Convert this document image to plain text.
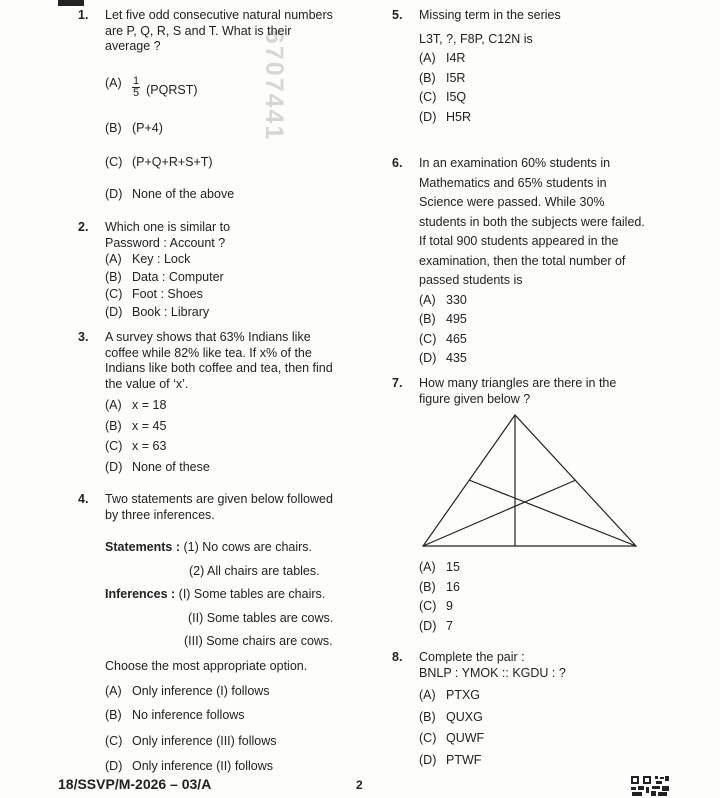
6707441
1. Let five odd consecutive natural numbers
are P, Q, R, S and T. What is their
average ?
$(A) \frac{1}{5}$ (PQRST)
(B) (P+4)
(C) (P+Q+R+S+T)
(D) None of the above
2. Which one is similar to
Password : Account ?
(A) Key : Lock
(B) Data : Computer
(C) Foot : Shoes
(D) Book : Library
3. A survey shows that 63% Indians like
coffee while 82% like tea. If x% of the
Indians like both coffee and tea, then find
the value of ‘x’.
(A) x = 18
(B) x = 45
(C) x = 63
(D) None of these
4. Two statements are given below followed
by three inferences.
Statements : (1) No cows are chairs.
(2) All chairs are tables.
Inferences : (I) Some tables are chairs.
(II) Some tables are cows.
(III) Some chairs are cows.
Choose the most appropriate option.
(A) Only inference (I) follows
(B) No inference follows
(C) Only inference (III) follows
(D) Only inference (II) follows
5. Missing term in the series
L3T, ?, F8P, C12N is
(A) I4R
(B) I5R
(C) I5Q
(D) H5R
6. In an examination 60% students in
Mathematics and 65% students in
Science were passed. While 30%
students in both the subjects were failed.
If total 900 students appeared in the
examination, then the total number of
passed students is
(A) 330
(B) 495
(C) 465
(D) 435
7. How many triangles are there in the
figure given below ?
(A) 15
(B) 16
(C) 9
(D) 7
8. Complete the pair :
BNLP : YMOK :: KGDU : ?
(A) PTXG
(B) QUXG
(C) QUWF
(D) PTWF
18/SSVP/M-2026 – 03/A	2
